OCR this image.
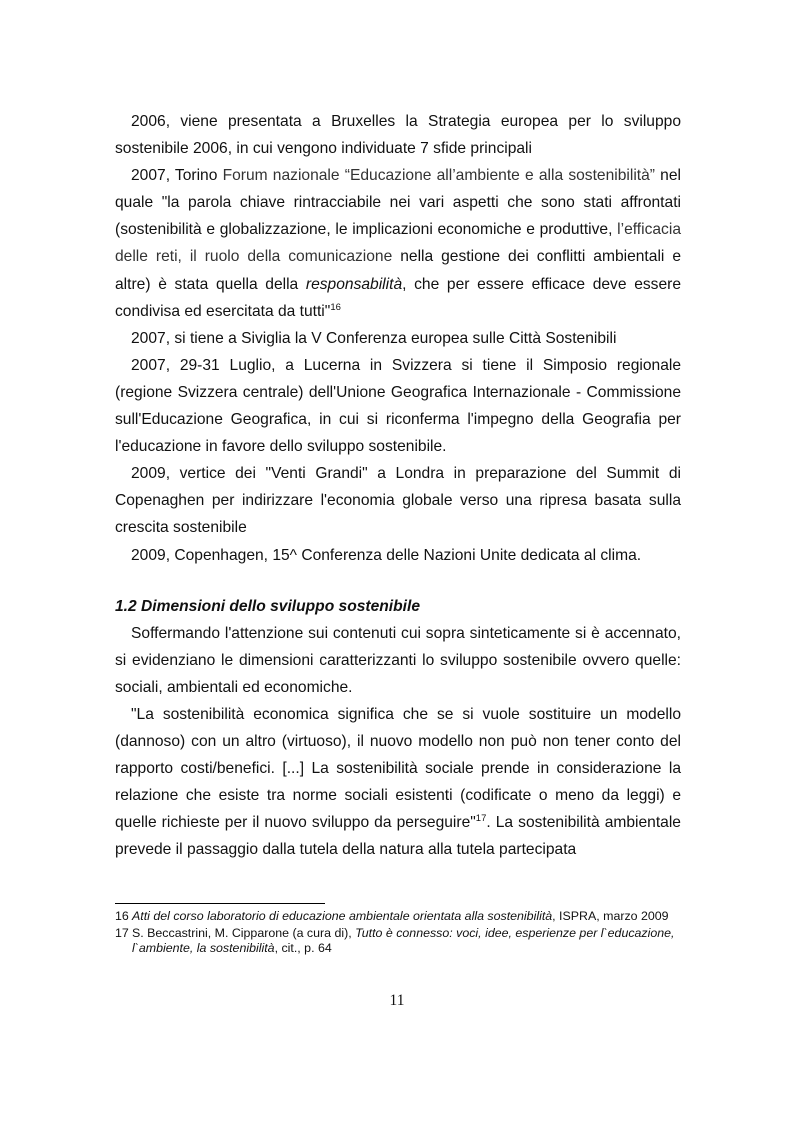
2006, viene presentata a Bruxelles la Strategia europea per lo sviluppo sostenibile 2006, in cui vengono individuate 7 sfide principali

2007, Torino Forum nazionale “Educazione all’ambiente e alla sostenibilità” nel quale "la parola chiave rintracciabile nei vari aspetti che sono stati affrontati (sostenibilità e globalizzazione, le implicazioni economiche e produttive, l’efficacia delle reti, il ruolo della comunicazione nella gestione dei conflitti ambientali e altre) è stata quella della responsabilità, che per essere efficace deve essere condivisa ed esercitata da tutti"$^{16}$

2007, si tiene a Siviglia la V Conferenza europea sulle Città Sostenibili

2007, 29-31 Luglio, a Lucerna in Svizzera si tiene il Simposio regionale (regione Svizzera centrale) dell'Unione Geografica Internazionale - Commissione sull'Educazione Geografica, in cui si riconferma l'impegno della Geografia per l'educazione in favore dello sviluppo sostenibile.

2009, vertice dei "Venti Grandi" a Londra in preparazione del Summit di Copenaghen per indirizzare l'economia globale verso una ripresa basata sulla crescita sostenibile

2009, Copenhagen, 15^ Conferenza delle Nazioni Unite dedicata al clima.

1.2 Dimensioni dello sviluppo sostenibile

Soffermando l'attenzione sui contenuti cui sopra sinteticamente si è accennato, si evidenziano le dimensioni caratterizzanti lo sviluppo sostenibile ovvero quelle: sociali, ambientali ed economiche.

"La sostenibilità economica significa che se si vuole sostituire un modello (dannoso) con un altro (virtuoso), il nuovo modello non può non tener conto del rapporto costi/benefici. [...] La sostenibilità sociale prende in considerazione la relazione che esiste tra norme sociali esistenti (codificate o meno da leggi) e quelle richieste per il nuovo sviluppo da perseguire"$^{17}$. La sostenibilità ambientale prevede il passaggio dalla tutela della natura alla tutela partecipata

16 Atti del corso laboratorio di educazione ambientale orientata alla sostenibilità, ISPRA, marzo 2009

17 S. Beccastrini, M. Cipparone (a cura di), Tutto è connesso: voci, idee, esperienze per l`educazione, l`ambiente, la sostenibilità, cit., p. 64

11
